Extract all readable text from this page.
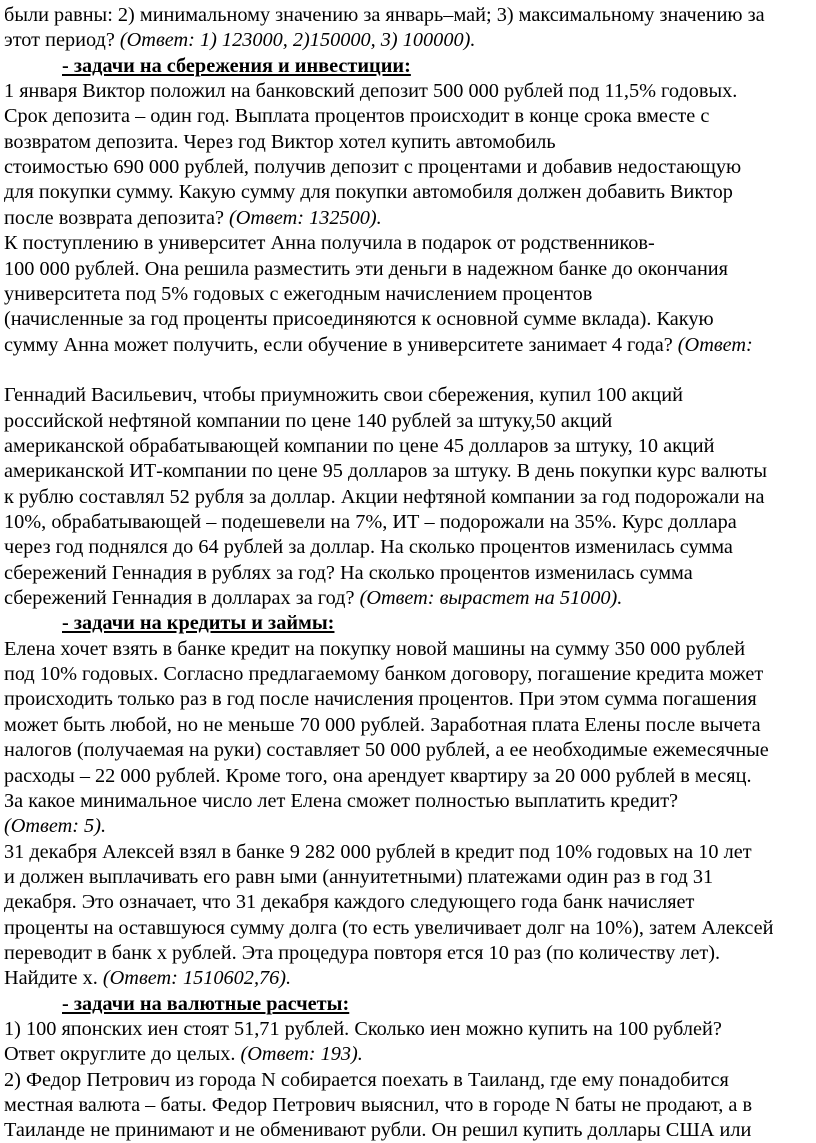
были равны: 2) минимальному значению за январь–май; 3) максимальному значению за
этот период? (Ответ: 1) 123000, 2)150000, 3) 100000).
- задачи на сбережения и инвестиции:
1 января Виктор положил на банковский депозит 500 000 рублей под 11,5% годовых.
Срок депозита – один год. Выплата процентов происходит в конце срока вместе с
возвратом депозита. Через год Виктор хотел купить автомобиль
стоимостью 690 000 рублей, получив депозит с процентами и добавив недостающую
для покупки сумму. Какую сумму для покупки автомобиля должен добавить Виктор
после возврата депозита? (Ответ: 132500).
К поступлению в университет Анна получила в подарок от родственников-
100 000 рублей. Она решила разместить эти деньги в надежном банке до окончания
университета под 5% годовых с ежегодным начислением процентов
(начисленные за год проценты присоединяются к основной сумме вклада). Какую
сумму Анна может получить, если обучение в университете занимает 4 года? (Ответ:
Геннадий Васильевич, чтобы приумножить свои сбережения, купил 100 акций
российской нефтяной компании по цене 140 рублей за штуку,50 акций
американской обрабатывающей компании по цене 45 долларов за штуку, 10 акций
американской ИТ-компании по цене 95 долларов за штуку. В день покупки курс валюты
к рублю составлял 52 рубля за доллар. Акции нефтяной компании за год подорожали на
10%, обрабатывающей – подешевели на 7%, ИТ – подорожали на 35%. Курс доллара
через год поднялся до 64 рублей за доллар. На сколько процентов изменилась сумма
сбережений Геннадия в рублях за год? На сколько процентов изменилась сумма
сбережений Геннадия в долларах за год? (Ответ: вырастет на 51000).
- задачи на кредиты и займы:
Елена хочет взять в банке кредит на покупку новой машины на сумму 350 000 рублей
под 10% годовых. Согласно предлагаемому банком договору, погашение кредита может
происходить только раз в год после начисления процентов. При этом сумма погашения
может быть любой, но не меньше 70 000 рублей. Заработная плата Елены после вычета
налогов (получаемая на руки) составляет 50 000 рублей, а ее необходимые ежемесячные
расходы – 22 000 рублей. Кроме того, она арендует квартиру за 20 000 рублей в месяц.
За какое минимальное число лет Елена сможет полностью выплатить кредит?
(Ответ: 5).
31 декабря Алексей взял в банке 9 282 000 рублей в кредит под 10% годовых на 10 лет
и должен выплачивать его равн ыми (аннуитетными) платежами один раз в год 31
декабря. Это означает, что 31 декабря каждого следующего года банк начисляет
проценты на оставшуюся сумму долга (то есть увеличивает долг на 10%), затем Алексей
переводит в банк x рублей. Эта процедура повторя ется 10 раз (по количеству лет).
Найдите x. (Ответ: 1510602,76).
- задачи на валютные расчеты:
1) 100 японских иен стоят 51,71 рублей. Сколько иен можно купить на 100 рублей?
Ответ округлите до целых. (Ответ: 193).
2) Федор Петрович из города N собирается поехать в Таиланд, где ему понадобится
местная валюта – баты. Федор Петрович выяснил, что в городе N баты не продают, а в
Таиланде не принимают и не обменивают рубли. Он решил купить доллары США или
